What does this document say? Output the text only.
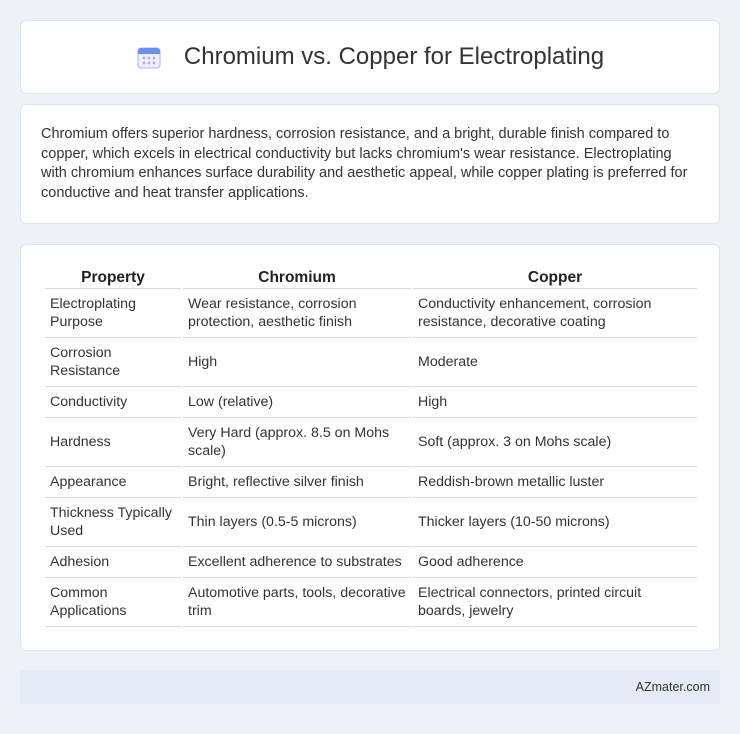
Chromium vs. Copper for Electroplating

Chromium offers superior hardness, corrosion resistance, and a bright, durable finish compared to copper, which excels in electrical conductivity but lacks chromium's wear resistance. Electroplating with chromium enhances surface durability and aesthetic appeal, while copper plating is preferred for conductive and heat transfer applications.

Property	Chromium	Copper
Electroplating Purpose	Wear resistance, corrosion protection, aesthetic finish	Conductivity enhancement, corrosion resistance, decorative coating
Corrosion Resistance	High	Moderate
Conductivity	Low (relative)	High
Hardness	Very Hard (approx. 8.5 on Mohs scale)	Soft (approx. 3 on Mohs scale)
Appearance	Bright, reflective silver finish	Reddish-brown metallic luster
Thickness Typically Used	Thin layers (0.5-5 microns)	Thicker layers (10-50 microns)
Adhesion	Excellent adherence to substrates	Good adherence
Common Applications	Automotive parts, tools, decorative trim	Electrical connectors, printed circuit boards, jewelry
AZmater.com
